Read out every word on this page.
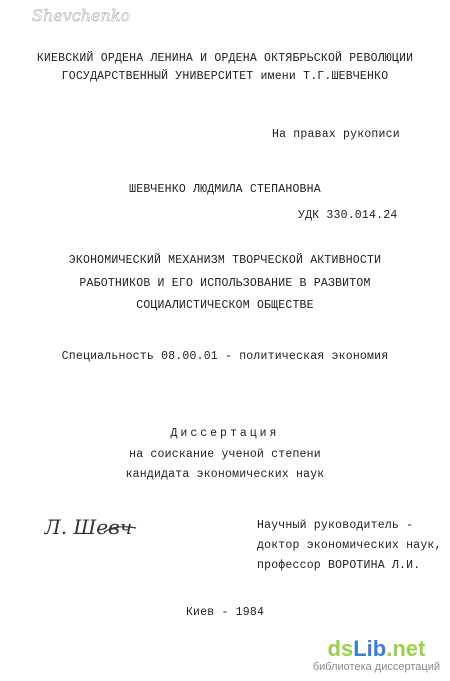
Shevchenko
КИЕВСКИЙ ОРДЕНА ЛЕНИНА И ОРДЕНА ОКТЯБРЬСКОЙ РЕВОЛЮЦИИ
ГОСУДАРСТВЕННЫЙ УНИВЕРСИТЕТ имени Т.Г.ШЕВЧЕНКО
На правах рукописи
ШЕВЧЕНКО ЛЮДМИЛА СТЕПАНОВНА
УДК 330.014.24
ЭКОНОМИЧЕСКИЙ МЕХАНИЗМ ТВОРЧЕСКОЙ АКТИВНОСТИ
РАБОТНИКОВ И ЕГО ИСПОЛЬЗОВАНИЕ В РАЗВИТОМ
СОЦИАЛИСТИЧЕСКОМ ОБЩЕСТВЕ
Специальность 08.00.01 - политическая экономия
Диссертация
на соискание ученой степени
кандидата экономических наук
Л. Шевч	Научный руководитель -
доктор экономических наук,
профессор ВОРОТИНА Л.И.
Киев - 1984
dsLib.net
библиотека диссертаций
